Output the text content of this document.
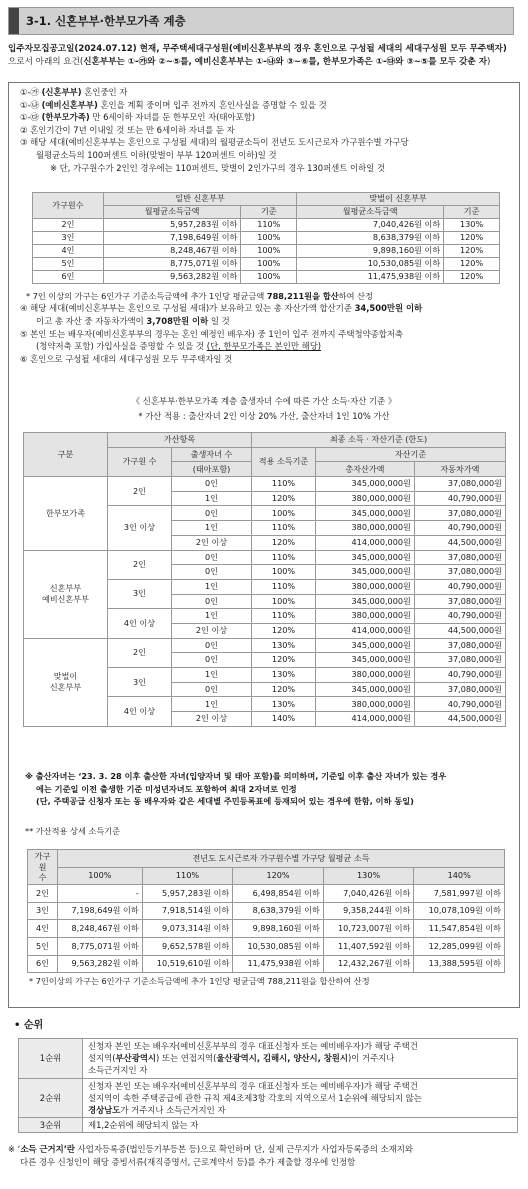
3-1. 신혼부부·한부모가족 계층
입주자모집공고일(2024.07.12) 현재, 무주택세대구성원(예비신혼부부의 경우 혼인으로 구성될 세대의 세대구성원 모두 무주택자)
으로서 아래의 요건(신혼부부는 ①-㉮와 ②~⑤를, 예비신혼부부는 ①-㉯와 ③~⑥를, 한부모가족은 ①-㉰와 ③~⑤를 모두 갖춘 자)
①-㉮ (신혼부부) 혼인중인 자
①-㉯ (예비신혼부부) 혼인을 계획 중이며 입주 전까지 혼인사실을 증명할 수 있을 것
①-㉰ (한부모가족) 만 6세이하 자녀를 둔 한부모인 자(태아포함)
② 혼인기간이 7년 이내일 것 또는 만 6세이하 자녀를 둔 자
③ 해당 세대(예비신혼부부는 혼인으로 구성될 세대)의 월평균소득이 전년도 도시근로자 가구원수별 가구당
월평균소득의 100퍼센트 이하(맞벌이 부부 120퍼센트 이하)일 것
※ 단, 가구원수가 2인인 경우에는 110퍼센트, 맞벌이 2인가구의 경우 130퍼센트 이하일 것
가구원수	일반 신혼부부		맞벌이 신혼부부	
	월평균소득금액	기준	월평균소득금액	기준
2인	5,957,283원 이하	110%	7,040,426원 이하	130%
3인	7,198,649원 이하	100%	8,638,379원 이하	120%
4인	8,248,467원 이하	100%	9,898,160원 이하	120%
5인	8,775,071원 이하	100%	10,530,085원 이하	120%
6인	9,563,282원 이하	100%	11,475,938원 이하	120%
* 7인 이상의 가구는 6인가구 기준소득금액에 추가 1인당 평균금액 788,211원을 합산하여 산정
④ 해당 세대(예비신혼부부는 혼인으로 구성될 세대)가 보유하고 있는 총 자산가액 합산기준 34,500만원 이하
이고 총 자산 중 자동차가액이 3,708만원 이하 일 것
⑤ 본인 또는 배우자(예비신혼부부의 경우는 혼인 예정인 배우자) 중 1인이 입주 전까지 주택청약종합저축
(청약저축 포함) 가입사실을 증명할 수 있을 것 (단, 한부모가족은 본인만 해당)
⑥ 혼인으로 구성될 세대의 세대구성원 모두 무주택자일 것
《 신혼부부·한부모가족 계층 출생자녀 수에 따른 가산 소득·자산 기준 》
* 가산 적용 : 출산자녀 2인 이상 20% 가산, 출산자녀 1인 10% 가산
구분	가산항목		최종 소득 · 자산기준 (한도)		
	가구원 수	출생자녀 수	적용 소득기준	자산기준	
		(태아포함)		총자산가액	자동차가액

한부모가족	2인	0인	110%	345,000,000원	37,080,000원
		1인	120%	380,000,000원	40,790,000원
	3인 이상	0인	100%	345,000,000원	37,080,000원
		1인	110%	380,000,000원	40,790,000원
		2인 이상	120%	414,000,000원	44,500,000원

신혼부부
예비신혼부부	2인	0인	110%	345,000,000원	37,080,000원
		0인	100%	345,000,000원	37,080,000원
	3인	1인	110%	380,000,000원	40,790,000원
		0인	100%	345,000,000원	37,080,000원
	4인 이상	1인	110%	380,000,000원	40,790,000원
		2인 이상	120%	414,000,000원	44,500,000원

맞벌이
신혼부부	2인	0인	130%	345,000,000원	37,080,000원
		0인	120%	345,000,000원	37,080,000원
	3인	1인	130%	380,000,000원	40,790,000원
		0인	120%	345,000,000원	37,080,000원
	4인 이상	1인	130%	380,000,000원	40,790,000원
		2인 이상	140%	414,000,000원	44,500,000원
※ 출산자녀는 ‘23. 3. 28 이후 출산한 자녀(입양자녀 및 태아 포함)를 의미하며, 기준일 이후 출산 자녀가 있는 경우
에는 기준일 이전 출생한 기준 미성년자녀도 포함하여 최대 2자녀로 인정
(단, 주택공급 신청자 또는 동 배우자와 같은 세대별 주민등록표에 등재되어 있는 경우에 한함, 이하 동일)
** 가산적용 상세 소득기준
가구원
수	전년도 도시근로자 가구원수별 가구당 월평균 소득				
	100%	110%	120%	130%	140%
2인	-	5,957,283원 이하	6,498,854원 이하	7,040,426원 이하	7,581,997원 이하
3인	7,198,649원 이하	7,918,514원 이하	8,638,379원 이하	9,358,244원 이하	10,078,109원 이하
4인	8,248,467원 이하	9,073,314원 이하	9,898,160원 이하	10,723,007원 이하	11,547,854원 이하
5인	8,775,071원 이하	9,652,578원 이하	10,530,085원 이하	11,407,592원 이하	12,285,099원 이하
6인	9,563,282원 이하	10,519,610원 이하	11,475,938원 이하	12,432,267원 이하	13,388,595원 이하
* 7인이상의 가구는 6인가구 기준소득금액에 추가 1인당 평균금액 788,211원을 합산하여 산정
• 순위
1순위	신청자 본인 또는 배우자(예비신혼부부의 경우 대표신청자 또는 예비배우자)가 해당 주택건
설지역(부산광역시) 또는 연접지역(울산광역시, 김해시, 양산시, 창원시)이 거주지나
소득근거지인 자

2순위	신청자 본인 또는 배우자(예비신혼부부의 경우 대표신청자 또는 예비배우자)가 해당 주택건
설지역이 속한 주택공급에 관한 규칙 제4조제3항 각호의 지역으로서 1순위에 해당되지 않는
경상남도가 거주지나 소득근거지인 자

3순위	제1,2순위에 해당되지 않는 자
※ ‘소득 근거지’란 사업자등록증(법인등기부등본 등)으로 확인하며 단, 실제 근무지가 사업자등록증의 소재지와
다른 경우 신청인이 해당 증빙서류(재직증명서, 근로계약서 등)를 추가 제출할 경우에 인정함
